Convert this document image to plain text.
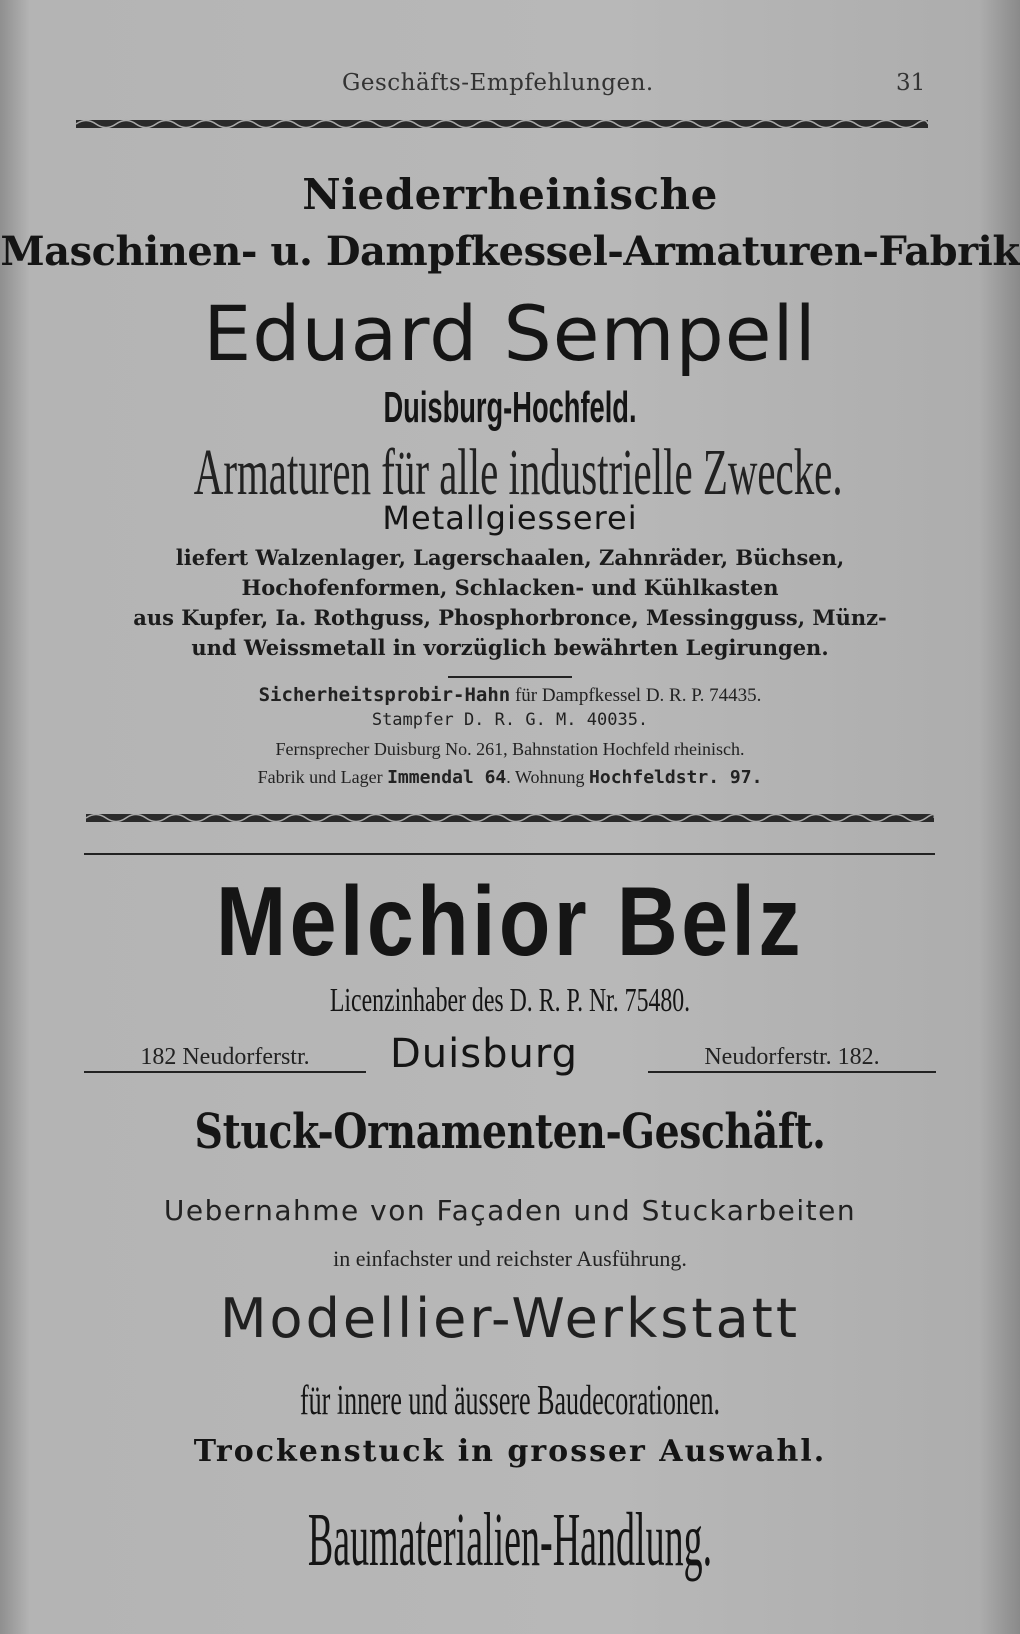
Geschäfts-Empfehlungen.	31
Niederrheinische
Maschinen- u. Dampfkessel-Armaturen-Fabrik
Eduard Sempell
Duisburg-Hochfeld.
Armaturen für alle industrielle Zwecke.
Metallgiesserei
liefert Walzenlager, Lagerschaalen, Zahnräder, Büchsen,
Hochofenformen, Schlacken- und Kühlkasten
aus Kupfer, Ia. Rothguss, Phosphorbronce, Messingguss, Münz-
und Weissmetall in vorzüglich bewährten Legirungen.
Sicherheitsprobir-Hahn für Dampfkessel D. R. P. 74435.
Stampfer D. R. G. M. 40035.
Fernsprecher Duisburg No. 261, Bahnstation Hochfeld rheinisch.
Fabrik und Lager Immendal 64. Wohnung Hochfeldstr. 97.
Melchior Belz
Licenzinhaber des D. R. P. Nr. 75480.
182 Neudorferstr.	Duisburg	Neudorferstr. 182.
Stuck-Ornamenten-Geschäft.
Uebernahme von Façaden und Stuckarbeiten
in einfachster und reichster Ausführung.
Modellier-Werkstatt
für innere und äussere Baudecorationen.
Trockenstuck in grosser Auswahl.
Baumaterialien-Handlung.
